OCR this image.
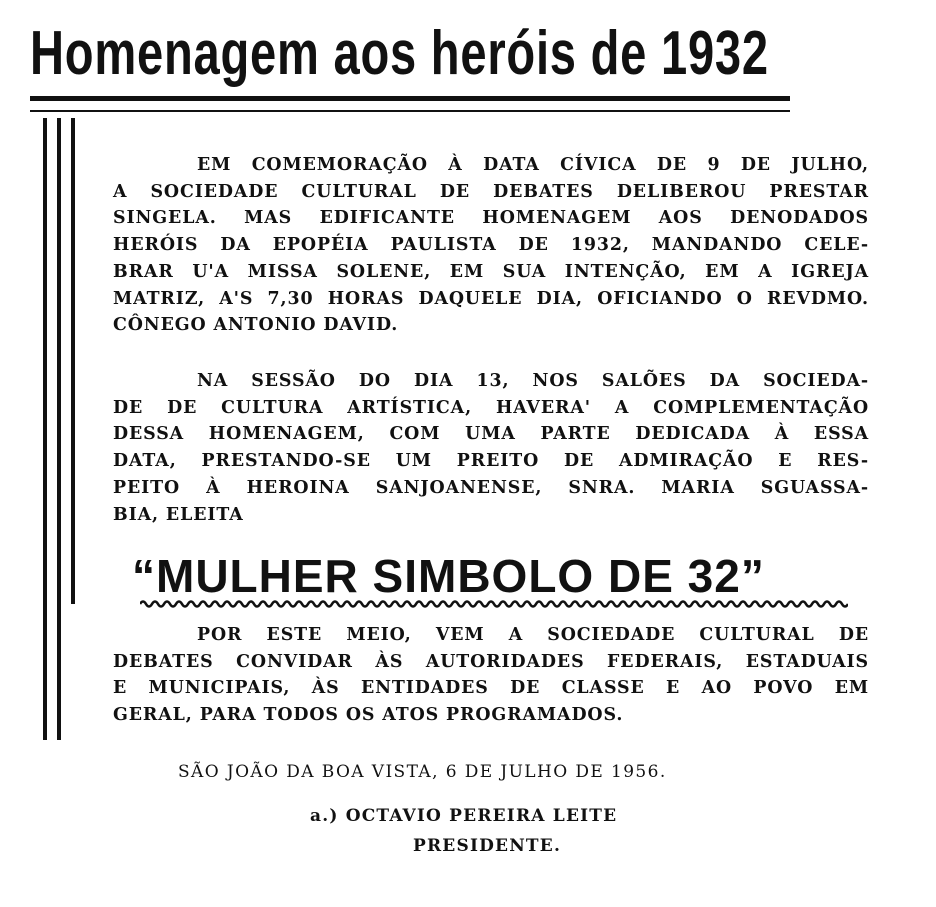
Homenagem aos heróis de 1932
EM COMEMORAÇÃO À DATA CÍVICA DE 9 DE JULHO,
A SOCIEDADE CULTURAL DE DEBATES DELIBEROU PRESTAR
SINGELA. MAS EDIFICANTE HOMENAGEM AOS DENODADOS
HERÓIS DA EPOPÉIA PAULISTA DE 1932, MANDANDO CELE-
BRAR U'A MISSA SOLENE, EM SUA INTENÇÃO, EM A IGREJA
MATRIZ, A'S 7,30 HORAS DAQUELE DIA, OFICIANDO O REVDMO.
CÔNEGO ANTONIO DAVID.
NA SESSÃO DO DIA 13, NOS SALÕES DA SOCIEDA-
DE DE CULTURA ARTÍSTICA, HAVERA' A COMPLEMENTAÇÃO
DESSA HOMENAGEM, COM UMA PARTE DEDICADA À ESSA
DATA, PRESTANDO-SE UM PREITO DE ADMIRAÇÃO E RES-
PEITO À HEROINA SANJOANENSE, SNRA. MARIA SGUASSA-
BIA, ELEITA
“MULHER SIMBOLO DE 32”
POR ESTE MEIO, VEM A SOCIEDADE CULTURAL DE
DEBATES CONVIDAR ÀS AUTORIDADES FEDERAIS, ESTADUAIS
E MUNICIPAIS, ÀS ENTIDADES DE CLASSE E AO POVO EM
GERAL, PARA TODOS OS ATOS PROGRAMADOS.
SÃO JOÃO DA BOA VISTA, 6 DE JULHO DE 1956.
a.) OCTAVIO PEREIRA LEITE
PRESIDENTE.
